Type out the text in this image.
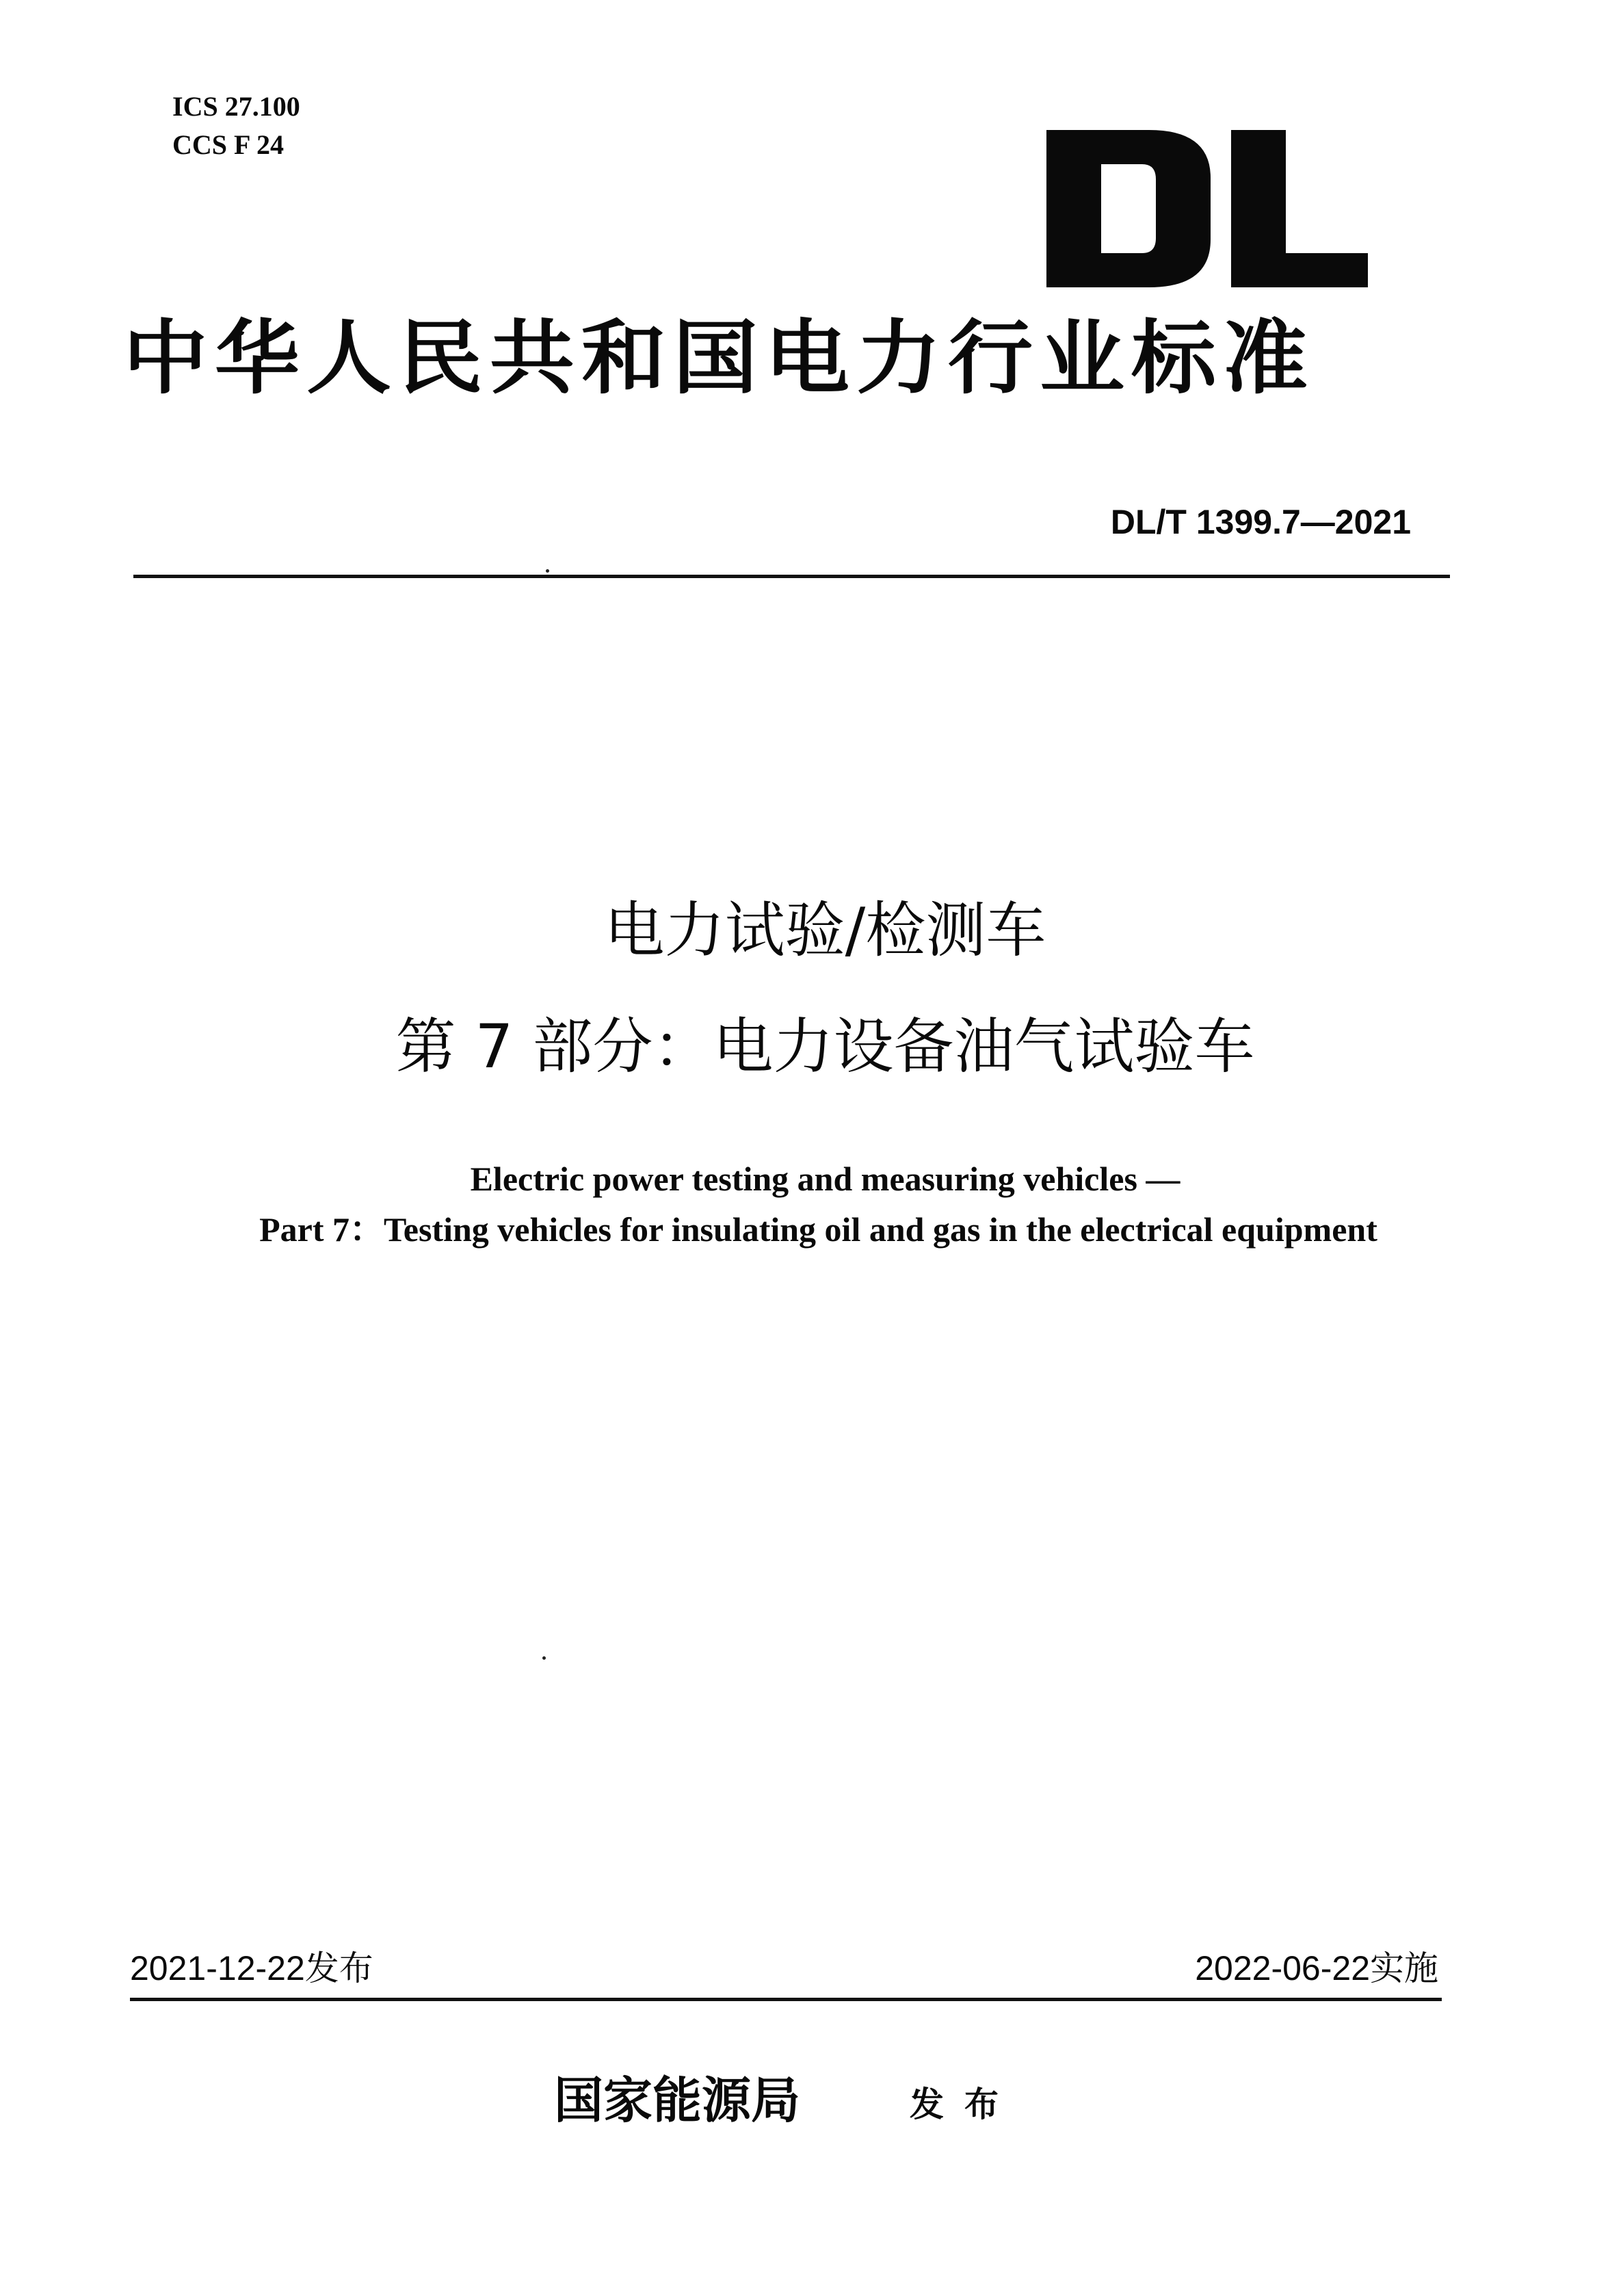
ICS 27.100
CCS F 24
中华人民共和国电力行业标准
DL/T 1399.7—2021
电力试验/检测车
第 7 部分：电力设备油气试验车
Electric power testing and measuring vehicles —
Part 7：Testing vehicles for insulating oil and gas in the electrical equipment
2021-12-22发布	2022-06-22实施
国家能源局	发布
